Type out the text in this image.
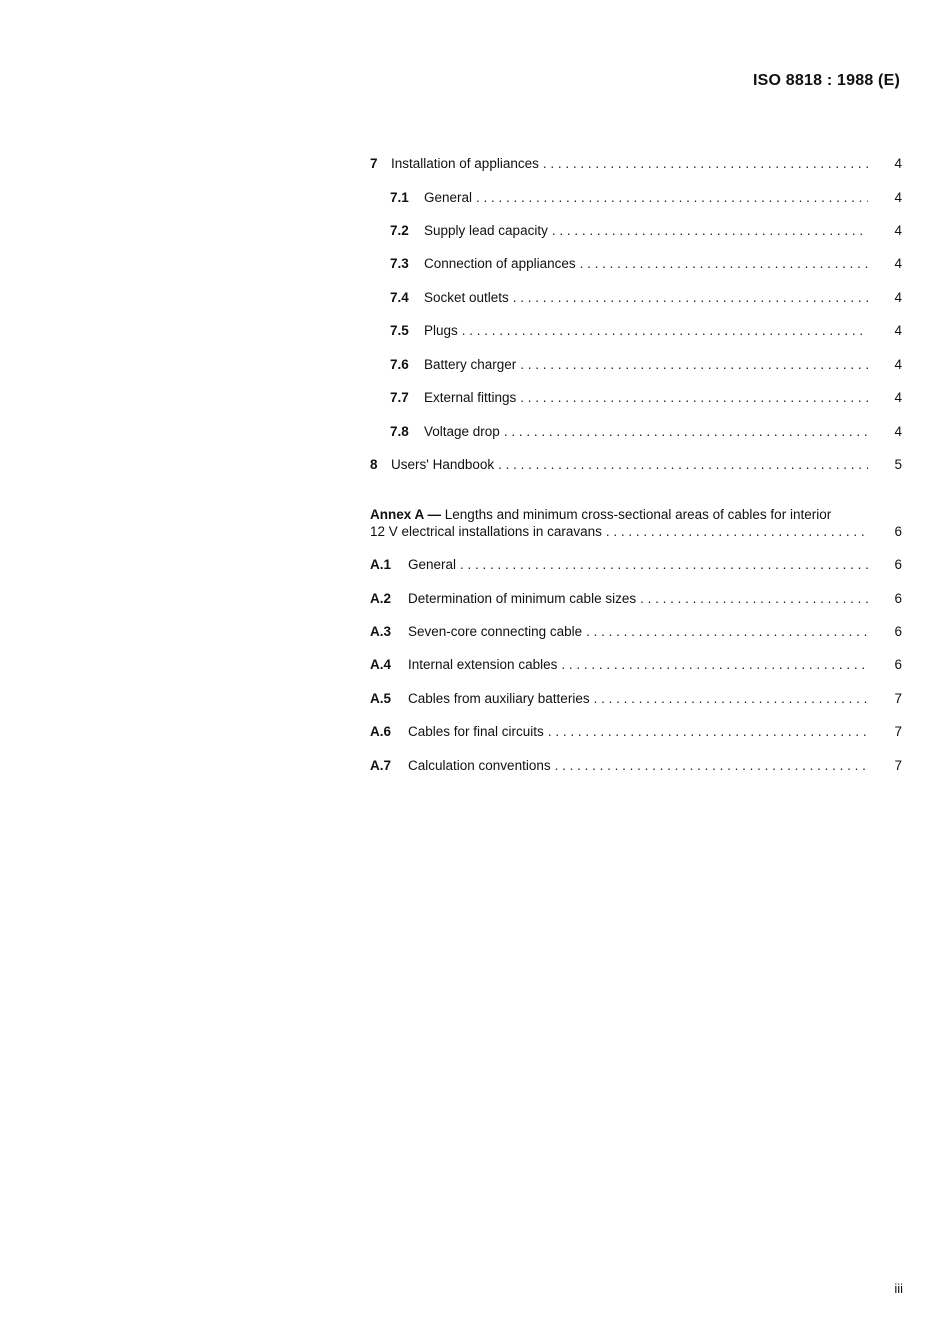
ISO 8818 : 1988 (E)
7 Installation of appliances . . .	4
7.1	General . . .	4
7.2	Supply lead capacity . . .	4
7.3	Connection of appliances . . .	4
7.4	Socket outlets . . .	4
7.5	Plugs . . .	4
7.6	Battery charger . . .	4
7.7	External fittings . . .	4
7.8	Voltage drop . . .	4
8 Users' Handbook . . .	5
Annex A — Lengths and minimum cross-sectional areas of cables for interior
12 V electrical installations in caravans . . .	6
A.1	General . . .	6
A.2	Determination of minimum cable sizes . . .	6
A.3	Seven-core connecting cable . . .	6
A.4	Internal extension cables . . .	6
A.5	Cables from auxiliary batteries . . .	7
A.6	Cables for final circuits . . .	7
A.7	Calculation conventions . . .	7
iii
